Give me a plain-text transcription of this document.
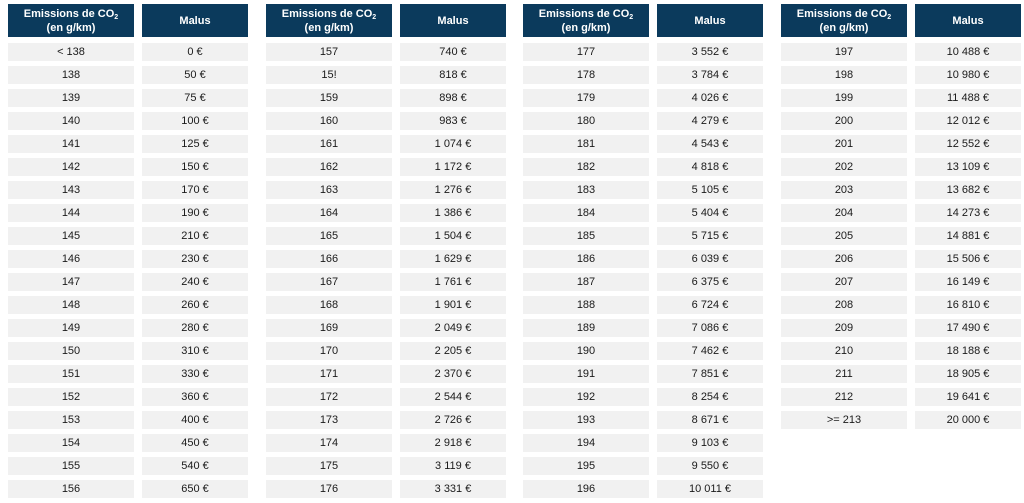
Emissions de $CO_2$
(en g/km)
Malus
< 138	0 €
138	50 €
139	75 €
140	100 €
141	125 €
142	150 €
143	170 €
144	190 €
145	210 €
146	230 €
147	240 €
148	260 €
149	280 €
150	310 €
151	330 €
152	360 €
153	400 €
154	450 €
155	540 €
156	650 €
Emissions de $CO_2$
(en g/km)
Malus
157	740 €
15!	818 €
159	898 €
160	983 €
161	1 074 €
162	1 172 €
163	1 276 €
164	1 386 €
165	1 504 €
166	1 629 €
167	1 761 €
168	1 901 €
169	2 049 €
170	2 205 €
171	2 370 €
172	2 544 €
173	2 726 €
174	2 918 €
175	3 119 €
176	3 331 €
Emissions de $CO_2$
(en g/km)
Malus
177	3 552 €
178	3 784 €
179	4 026 €
180	4 279 €
181	4 543 €
182	4 818 €
183	5 105 €
184	5 404 €
185	5 715 €
186	6 039 €
187	6 375 €
188	6 724 €
189	7 086 €
190	7 462 €
191	7 851 €
192	8 254 €
193	8 671 €
194	9 103 €
195	9 550 €
196	10 011 €
Emissions de $CO_2$
(en g/km)
Malus
197	10 488 €
198	10 980 €
199	11 488 €
200	12 012 €
201	12 552 €
202	13 109 €
203	13 682 €
204	14 273 €
205	14 881 €
206	15 506 €
207	16 149 €
208	16 810 €
209	17 490 €
210	18 188 €
211	18 905 €
212	19 641 €
>= 213	20 000 €
